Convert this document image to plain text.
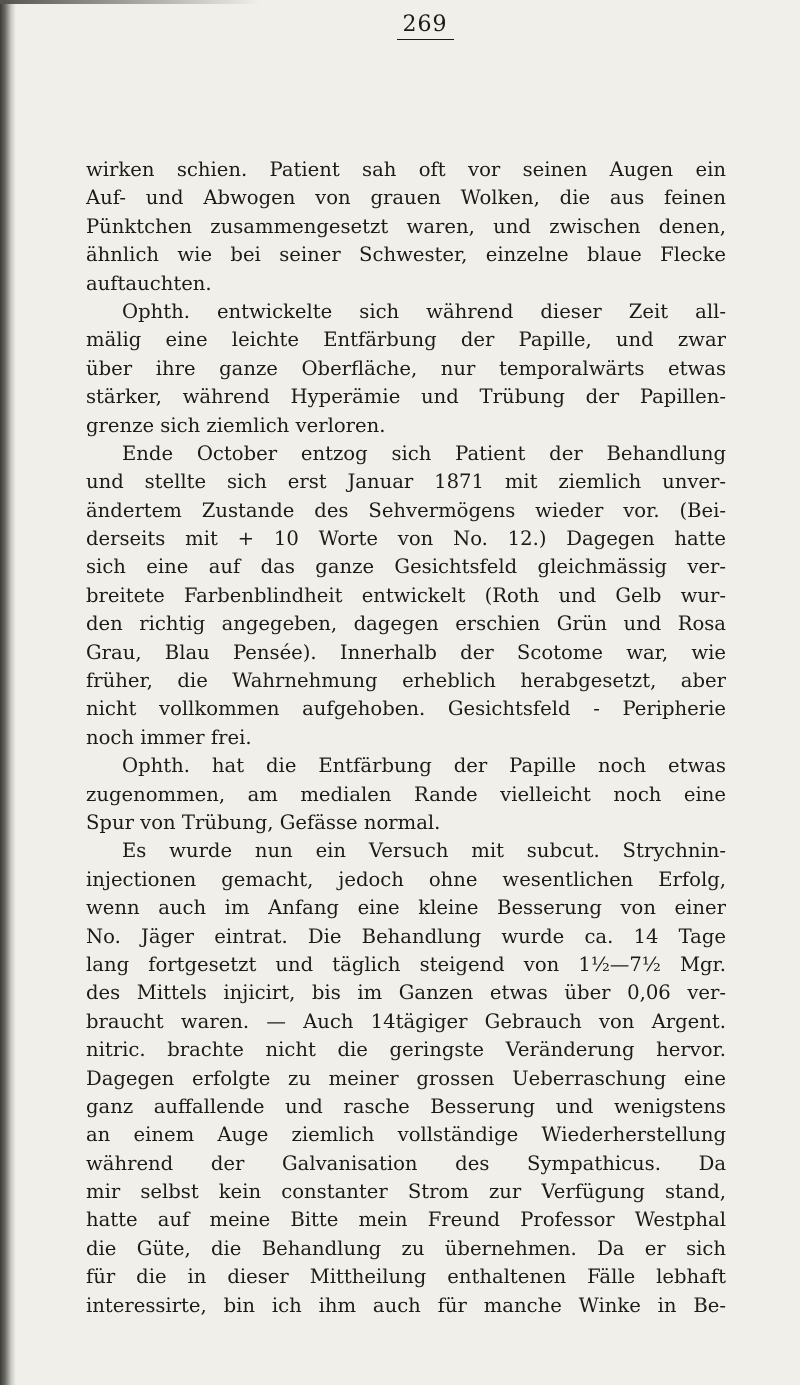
269
wirken schien. Patient sah oft vor seinen Augen ein
Auf- und Abwogen von grauen Wolken, die aus feinen
Pünktchen zusammengesetzt waren, und zwischen denen,
ähnlich wie bei seiner Schwester, einzelne blaue Flecke
auftauchten.
Ophth. entwickelte sich während dieser Zeit all-
mälig eine leichte Entfärbung der Papille, und zwar
über ihre ganze Oberfläche, nur temporalwärts etwas
stärker, während Hyperämie und Trübung der Papillen-
grenze sich ziemlich verloren.
Ende October entzog sich Patient der Behandlung
und stellte sich erst Januar 1871 mit ziemlich unver-
ändertem Zustande des Sehvermögens wieder vor. (Bei-
derseits mit + 10 Worte von No. 12.) Dagegen hatte
sich eine auf das ganze Gesichtsfeld gleichmässig ver-
breitete Farbenblindheit entwickelt (Roth und Gelb wur-
den richtig angegeben, dagegen erschien Grün und Rosa
Grau, Blau Pensée). Innerhalb der Scotome war, wie
früher, die Wahrnehmung erheblich herabgesetzt, aber
nicht vollkommen aufgehoben. Gesichtsfeld - Peripherie
noch immer frei.
Ophth. hat die Entfärbung der Papille noch etwas
zugenommen, am medialen Rande vielleicht noch eine
Spur von Trübung, Gefässe normal.
Es wurde nun ein Versuch mit subcut. Strychnin-
injectionen gemacht, jedoch ohne wesentlichen Erfolg,
wenn auch im Anfang eine kleine Besserung von einer
No. Jäger eintrat. Die Behandlung wurde ca. 14 Tage
lang fortgesetzt und täglich steigend von 1½—7½ Mgr.
des Mittels injicirt, bis im Ganzen etwas über 0,06 ver-
braucht waren. — Auch 14tägiger Gebrauch von Argent.
nitric. brachte nicht die geringste Veränderung hervor.
Dagegen erfolgte zu meiner grossen Ueberraschung eine
ganz auffallende und rasche Besserung und wenigstens
an einem Auge ziemlich vollständige Wiederherstellung
während der Galvanisation des Sympathicus. Da
mir selbst kein constanter Strom zur Verfügung stand,
hatte auf meine Bitte mein Freund Professor Westphal
die Güte, die Behandlung zu übernehmen. Da er sich
für die in dieser Mittheilung enthaltenen Fälle lebhaft
interessirte, bin ich ihm auch für manche Winke in Be-
